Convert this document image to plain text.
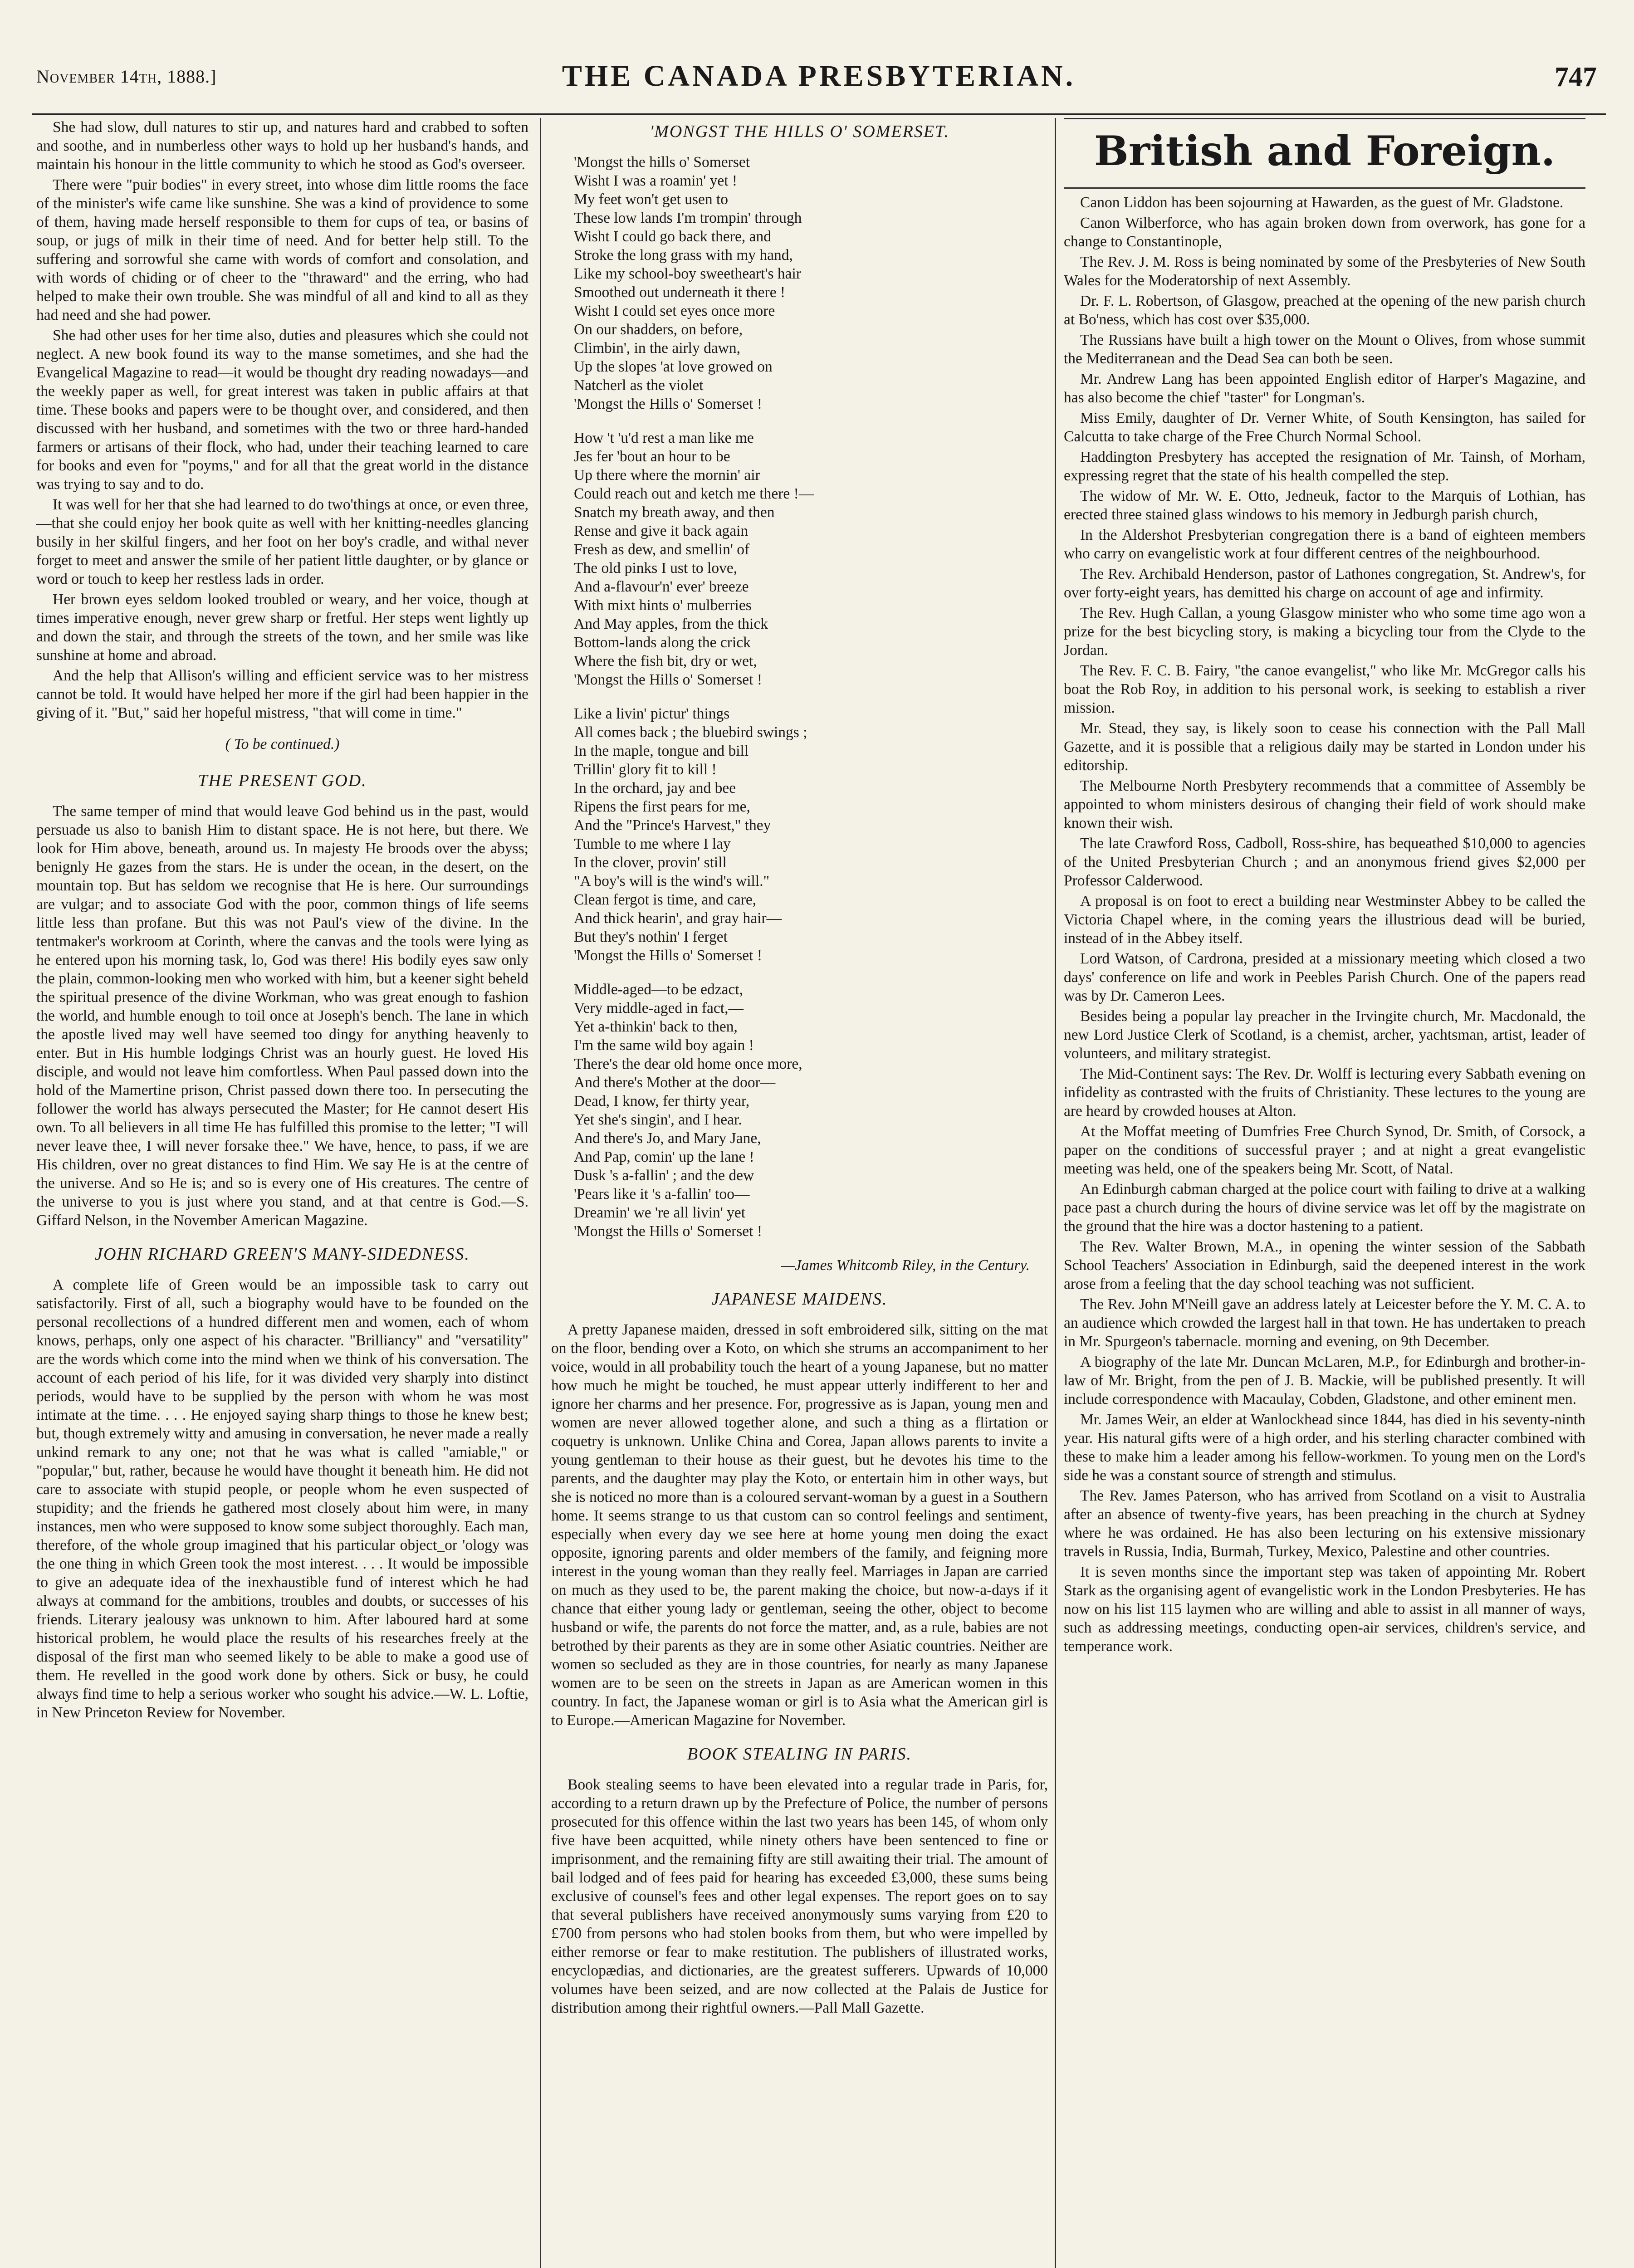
November 14th, 1888.]	THE CANADA PRESBYTERIAN.	747

She had slow, dull natures to stir up, and natures hard and crabbed to soften and soothe, and in numberless other ways to hold up her husband's hands, and maintain his honour in the little community to which he stood as God's overseer.

There were "puir bodies" in every street, into whose dim little rooms the face of the minister's wife came like sunshine. She was a kind of providence to some of them, having made herself responsible to them for cups of tea, or basins of soup, or jugs of milk in their time of need. And for better help still. To the suffering and sorrowful she came with words of comfort and consolation, and with words of chiding or of cheer to the "thraward" and the erring, who had helped to make their own trouble. She was mindful of all and kind to all as they had need and she had power.

She had other uses for her time also, duties and pleasures which she could not neglect. A new book found its way to the manse sometimes, and she had the Evangelical Magazine to read—it would be thought dry reading nowadays—and the weekly paper as well, for great interest was taken in public affairs at that time. These books and papers were to be thought over, and considered, and then discussed with her husband, and sometimes with the two or three hard-handed farmers or artisans of their flock, who had, under their teaching learned to care for books and even for "poyms," and for all that the great world in the distance was trying to say and to do.

It was well for her that she had learned to do two'things at once, or even three,—that she could enjoy her book quite as well with her knitting-needles glancing busily in her skilful fingers, and her foot on her boy's cradle, and withal never forget to meet and answer the smile of her patient little daughter, or by glance or word or touch to keep her restless lads in order.

Her brown eyes seldom looked troubled or weary, and her voice, though at times imperative enough, never grew sharp or fretful. Her steps went lightly up and down the stair, and through the streets of the town, and her smile was like sunshine at home and abroad.

And the help that Allison's willing and efficient service was to her mistress cannot be told. It would have helped her more if the girl had been happier in the giving of it. "But," said her hopeful mistress, "that will come in time."

( To be continued.)

THE PRESENT GOD.

The same temper of mind that would leave God behind us in the past, would persuade us also to banish Him to distant space. He is not here, but there. We look for Him above, beneath, around us. In majesty He broods over the abyss; benignly He gazes from the stars. He is under the ocean, in the desert, on the mountain top. But has seldom we recognise that He is here. Our surroundings are vulgar; and to associate God with the poor, common things of life seems little less than profane. But this was not Paul's view of the divine. In the tentmaker's workroom at Corinth, where the canvas and the tools were lying as he entered upon his morning task, lo, God was there! His bodily eyes saw only the plain, common-looking men who worked with him, but a keener sight beheld the spiritual presence of the divine Workman, who was great enough to fashion the world, and humble enough to toil once at Joseph's bench. The lane in which the apostle lived may well have seemed too dingy for anything heavenly to enter. But in His humble lodgings Christ was an hourly guest. He loved His disciple, and would not leave him comfortless. When Paul passed down into the hold of the Mamertine prison, Christ passed down there too. In persecuting the follower the world has always persecuted the Master; for He cannot desert His own. To all believers in all time He has fulfilled this promise to the letter; "I will never leave thee, I will never forsake thee." We have, hence, to pass, if we are His children, over no great distances to find Him. We say He is at the centre of the universe. And so He is; and so is every one of His creatures. The centre of the universe to you is just where you stand, and at that centre is God.—S. Giffard Nelson, in the November American Magazine.

JOHN RICHARD GREEN'S MANY-SIDEDNESS.

A complete life of Green would be an impossible task to carry out satisfactorily. First of all, such a biography would have to be founded on the personal recollections of a hundred different men and women, each of whom knows, perhaps, only one aspect of his character. "Brilliancy" and "versatility" are the words which come into the mind when we think of his conversation. The account of each period of his life, for it was divided very sharply into distinct periods, would have to be supplied by the person with whom he was most intimate at the time. . . . He enjoyed saying sharp things to those he knew best; but, though extremely witty and amusing in conversation, he never made a really unkind remark to any one; not that he was what is called "amiable," or "popular," but, rather, because he would have thought it beneath him. He did not care to associate with stupid people, or people whom he even suspected of stupidity; and the friends he gathered most closely about him were, in many instances, men who were supposed to know some subject thoroughly. Each man, therefore, of the whole group imagined that his particular object_or 'ology was the one thing in which Green took the most interest. . . . It would be impossible to give an adequate idea of the inexhaustible fund of interest which he had always at command for the ambitions, troubles and doubts, or successes of his friends. Literary jealousy was unknown to him. After laboured hard at some historical problem, he would place the results of his researches freely at the disposal of the first man who seemed likely to be able to make a good use of them. He revelled in the good work done by others. Sick or busy, he could always find time to help a serious worker who sought his advice.—W. L. Loftie, in New Princeton Review for November.

'MONGST THE HILLS O' SOMERSET.

'Mongst the hills o' Somerset
Wisht I was a roamin' yet !
My feet won't get usen to
These low lands I'm trompin' through
Wisht I could go back there, and
Stroke the long grass with my hand,
Like my school-boy sweetheart's hair
Smoothed out underneath it there !
Wisht I could set eyes once more
On our shadders, on before,
Climbin', in the airly dawn,
Up the slopes 'at love growed on
Natcherl as the violet
'Mongst the Hills o' Somerset !
How 't 'u'd rest a man like me
Jes fer 'bout an hour to be
Up there where the mornin' air
Could reach out and ketch me there !—
Snatch my breath away, and then
Rense and give it back again
Fresh as dew, and smellin' of
The old pinks I ust to love,
And a-flavour'n' ever' breeze
With mixt hints o' mulberries
And May apples, from the thick
Bottom-lands along the crick
Where the fish bit, dry or wet,
'Mongst the Hills o' Somerset !
Like a livin' pictur' things
All comes back ; the bluebird swings ;
In the maple, tongue and bill
Trillin' glory fit to kill !
In the orchard, jay and bee
Ripens the first pears for me,
And the "Prince's Harvest," they
Tumble to me where I lay
In the clover, provin' still
"A boy's will is the wind's will."
Clean fergot is time, and care,
And thick hearin', and gray hair—
But they's nothin' I ferget
'Mongst the Hills o' Somerset !
Middle-aged—to be edzact,
Very middle-aged in fact,—
Yet a-thinkin' back to then,
I'm the same wild boy again !
There's the dear old home once more,
And there's Mother at the door—
Dead, I know, fer thirty year,
Yet she's singin', and I hear.
And there's Jo, and Mary Jane,
And Pap, comin' up the lane !
Dusk 's a-fallin' ; and the dew
'Pears like it 's a-fallin' too—
Dreamin' we 're all livin' yet
'Mongst the Hills o' Somerset !
—James Whitcomb Riley, in the Century.

JAPANESE MAIDENS.

A pretty Japanese maiden, dressed in soft embroidered silk, sitting on the mat on the floor, bending over a Koto, on which she strums an accompaniment to her voice, would in all probability touch the heart of a young Japanese, but no matter how much he might be touched, he must appear utterly indifferent to her and ignore her charms and her presence. For, progressive as is Japan, young men and women are never allowed together alone, and such a thing as a flirtation or coquetry is unknown. Unlike China and Corea, Japan allows parents to invite a young gentleman to their house as their guest, but he devotes his time to the parents, and the daughter may play the Koto, or entertain him in other ways, but she is noticed no more than is a coloured servant-woman by a guest in a Southern home. It seems strange to us that custom can so control feelings and sentiment, especially when every day we see here at home young men doing the exact opposite, ignoring parents and older members of the family, and feigning more interest in the young woman than they really feel. Marriages in Japan are carried on much as they used to be, the parent making the choice, but now-a-days if it chance that either young lady or gentleman, seeing the other, object to become husband or wife, the parents do not force the matter, and, as a rule, babies are not betrothed by their parents as they are in some other Asiatic countries. Neither are women so secluded as they are in those countries, for nearly as many Japanese women are to be seen on the streets in Japan as are American women in this country. In fact, the Japanese woman or girl is to Asia what the American girl is to Europe.—American Magazine for November.

BOOK STEALING IN PARIS.

Book stealing seems to have been elevated into a regular trade in Paris, for, according to a return drawn up by the Prefecture of Police, the number of persons prosecuted for this offence within the last two years has been 145, of whom only five have been acquitted, while ninety others have been sentenced to fine or imprisonment, and the remaining fifty are still awaiting their trial. The amount of bail lodged and of fees paid for hearing has exceeded £3,000, these sums being exclusive of counsel's fees and other legal expenses. The report goes on to say that several publishers have received anonymously sums varying from £20 to £700 from persons who had stolen books from them, but who were impelled by either remorse or fear to make restitution. The publishers of illustrated works, encyclopædias, and dictionaries, are the greatest sufferers. Upwards of 10,000 volumes have been seized, and are now collected at the Palais de Justice for distribution among their rightful owners.—Pall Mall Gazette.

British and Foreign.

Canon Liddon has been sojourning at Hawarden, as the guest of Mr. Gladstone.

Canon Wilberforce, who has again broken down from overwork, has gone for a change to Constantinople,

The Rev. J. M. Ross is being nominated by some of the Presbyteries of New South Wales for the Moderatorship of next Assembly.

Dr. F. L. Robertson, of Glasgow, preached at the opening of the new parish church at Bo'ness, which has cost over $35,000.

The Russians have built a high tower on the Mount o Olives, from whose summit the Mediterranean and the Dead Sea can both be seen.

Mr. Andrew Lang has been appointed English editor of Harper's Magazine, and has also become the chief "taster" for Longman's.

Miss Emily, daughter of Dr. Verner White, of South Kensington, has sailed for Calcutta to take charge of the Free Church Normal School.

Haddington Presbytery has accepted the resignation of Mr. Tainsh, of Morham, expressing regret that the state of his health compelled the step.

The widow of Mr. W. E. Otto, Jedneuk, factor to the Marquis of Lothian, has erected three stained glass windows to his memory in Jedburgh parish church,

In the Aldershot Presbyterian congregation there is a band of eighteen members who carry on evangelistic work at four different centres of the neighbourhood.

The Rev. Archibald Henderson, pastor of Lathones congregation, St. Andrew's, for over forty-eight years, has demitted his charge on account of age and infirmity.

The Rev. Hugh Callan, a young Glasgow minister who who some time ago won a prize for the best bicycling story, is making a bicycling tour from the Clyde to the Jordan.

The Rev. F. C. B. Fairy, "the canoe evangelist," who like Mr. McGregor calls his boat the Rob Roy, in addition to his personal work, is seeking to establish a river mission.

Mr. Stead, they say, is likely soon to cease his connection with the Pall Mall Gazette, and it is possible that a religious daily may be started in London under his editorship.

The Melbourne North Presbytery recommends that a committee of Assembly be appointed to whom ministers desirous of changing their field of work should make known their wish.

The late Crawford Ross, Cadboll, Ross-shire, has bequeathed $10,000 to agencies of the United Presbyterian Church ; and an anonymous friend gives $2,000 per Professor Calderwood.

A proposal is on foot to erect a building near Westminster Abbey to be called the Victoria Chapel where, in the coming years the illustrious dead will be buried, instead of in the Abbey itself.

Lord Watson, of Cardrona, presided at a missionary meeting which closed a two days' conference on life and work in Peebles Parish Church. One of the papers read was by Dr. Cameron Lees.

Besides being a popular lay preacher in the Irvingite church, Mr. Macdonald, the new Lord Justice Clerk of Scotland, is a chemist, archer, yachtsman, artist, leader of volunteers, and military strategist.

The Mid-Continent says: The Rev. Dr. Wolff is lecturing every Sabbath evening on infidelity as contrasted with the fruits of Christianity. These lectures to the young are are heard by crowded houses at Alton.

At the Moffat meeting of Dumfries Free Church Synod, Dr. Smith, of Corsock, a paper on the conditions of successful prayer ; and at night a great evangelistic meeting was held, one of the speakers being Mr. Scott, of Natal.

An Edinburgh cabman charged at the police court with failing to drive at a walking pace past a church during the hours of divine service was let off by the magistrate on the ground that the hire was a doctor hastening to a patient.

The Rev. Walter Brown, M.A., in opening the winter session of the Sabbath School Teachers' Association in Edinburgh, said the deepened interest in the work arose from a feeling that the day school teaching was not sufficient.

The Rev. John M'Neill gave an address lately at Leicester before the Y. M. C. A. to an audience which crowded the largest hall in that town. He has undertaken to preach in Mr. Spurgeon's tabernacle. morning and evening, on 9th December.

A biography of the late Mr. Duncan McLaren, M.P., for Edinburgh and brother-in-law of Mr. Bright, from the pen of J. B. Mackie, will be published presently. It will include correspondence with Macaulay, Cobden, Gladstone, and other eminent men.

Mr. James Weir, an elder at Wanlockhead since 1844, has died in his seventy-ninth year. His natural gifts were of a high order, and his sterling character combined with these to make him a leader among his fellow-workmen. To young men on the Lord's side he was a constant source of strength and stimulus.

The Rev. James Paterson, who has arrived from Scotland on a visit to Australia after an absence of twenty-five years, has been preaching in the church at Sydney where he was ordained. He has also been lecturing on his extensive missionary travels in Russia, India, Burmah, Turkey, Mexico, Palestine and other countries.

It is seven months since the important step was taken of appointing Mr. Robert Stark as the organising agent of evangelistic work in the London Presbyteries. He has now on his list 115 laymen who are willing and able to assist in all manner of ways, such as addressing meetings, conducting open-air services, children's service, and temperance work.
